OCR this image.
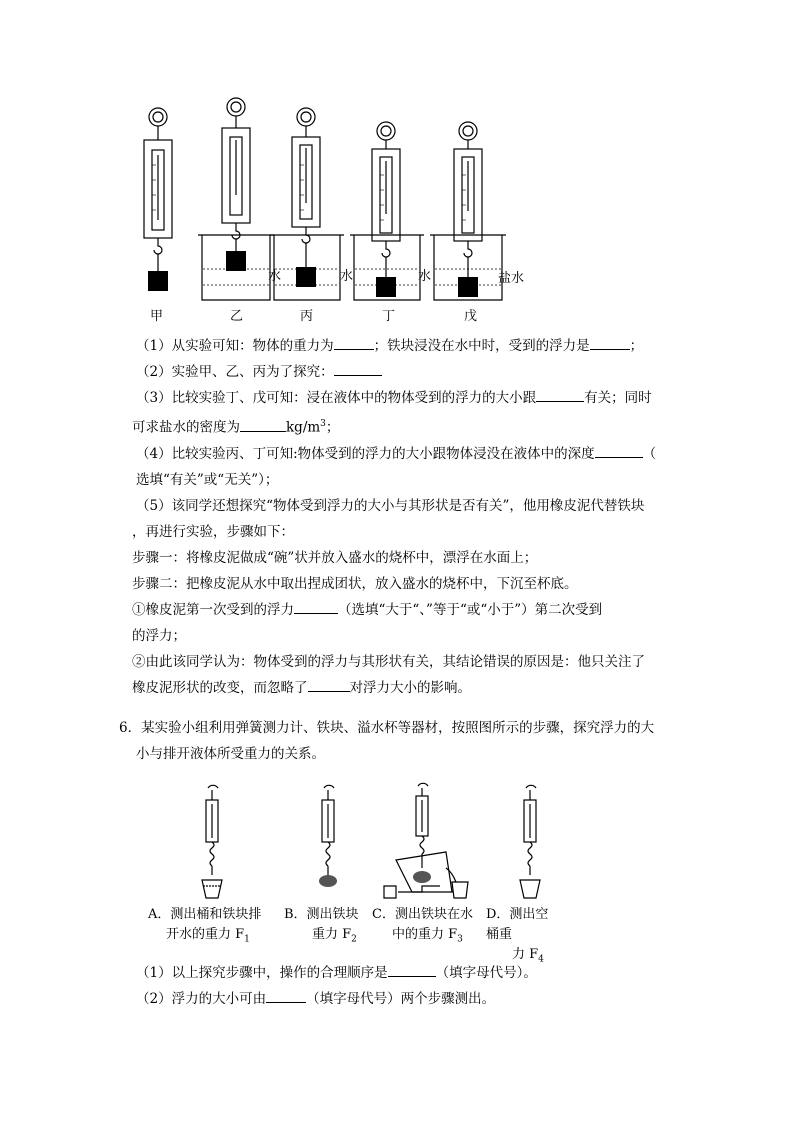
水	水	水	盐水
甲	乙	丙	丁	戊
（1）从实验可知：物体的重力为	；铁块浸没在水中时，受到的浮力是	；
（2）实验甲、乙、丙为了探究：
（3）比较实验丁、戊可知：浸在液体中的物体受到的浮力的大小跟	有关；同时
可求盐水的密度为	$kg/m^3$；
（4）比较实验丙、丁可知:物体受到的浮力的大小跟物体浸没在液体中的深度	（
选填“有关”或“无关”）；
（5）该同学还想探究“物体受到浮力的大小与其形状是否有关”，他用橡皮泥代替铁块
，再进行实验，步骤如下：
步骤一：将橡皮泥做成“碗”状并放入盛水的烧杯中，漂浮在水面上；
步骤二：把橡皮泥从水中取出捏成团状，放入盛水的烧杯中，下沉至杯底。
①橡皮泥第一次受到的浮力	（选填“大于“、”等于“或“小于”）第二次受到
的浮力；
②由此该同学认为：物体受到的浮力与其形状有关，其结论错误的原因是：他只关注了
橡皮泥形状的改变，而忽略了	对浮力大小的影响。
6．某实验小组利用弹簧测力计、铁块、溢水杯等器材，按照图所示的步骤，探究浮力的大
小与排开液体所受重力的关系。
A．测出桶和铁块排
开水的重力 $F_1$
B．测出铁块
重力 $F_2$
C．测出铁块在水
中的重力 $F_3$
D．测出空桶重
力 $F_4$
（1）以上探究步骤中，操作的合理顺序是	（填字母代号）。
（2）浮力的大小可由	（填字母代号）两个步骤测出。
